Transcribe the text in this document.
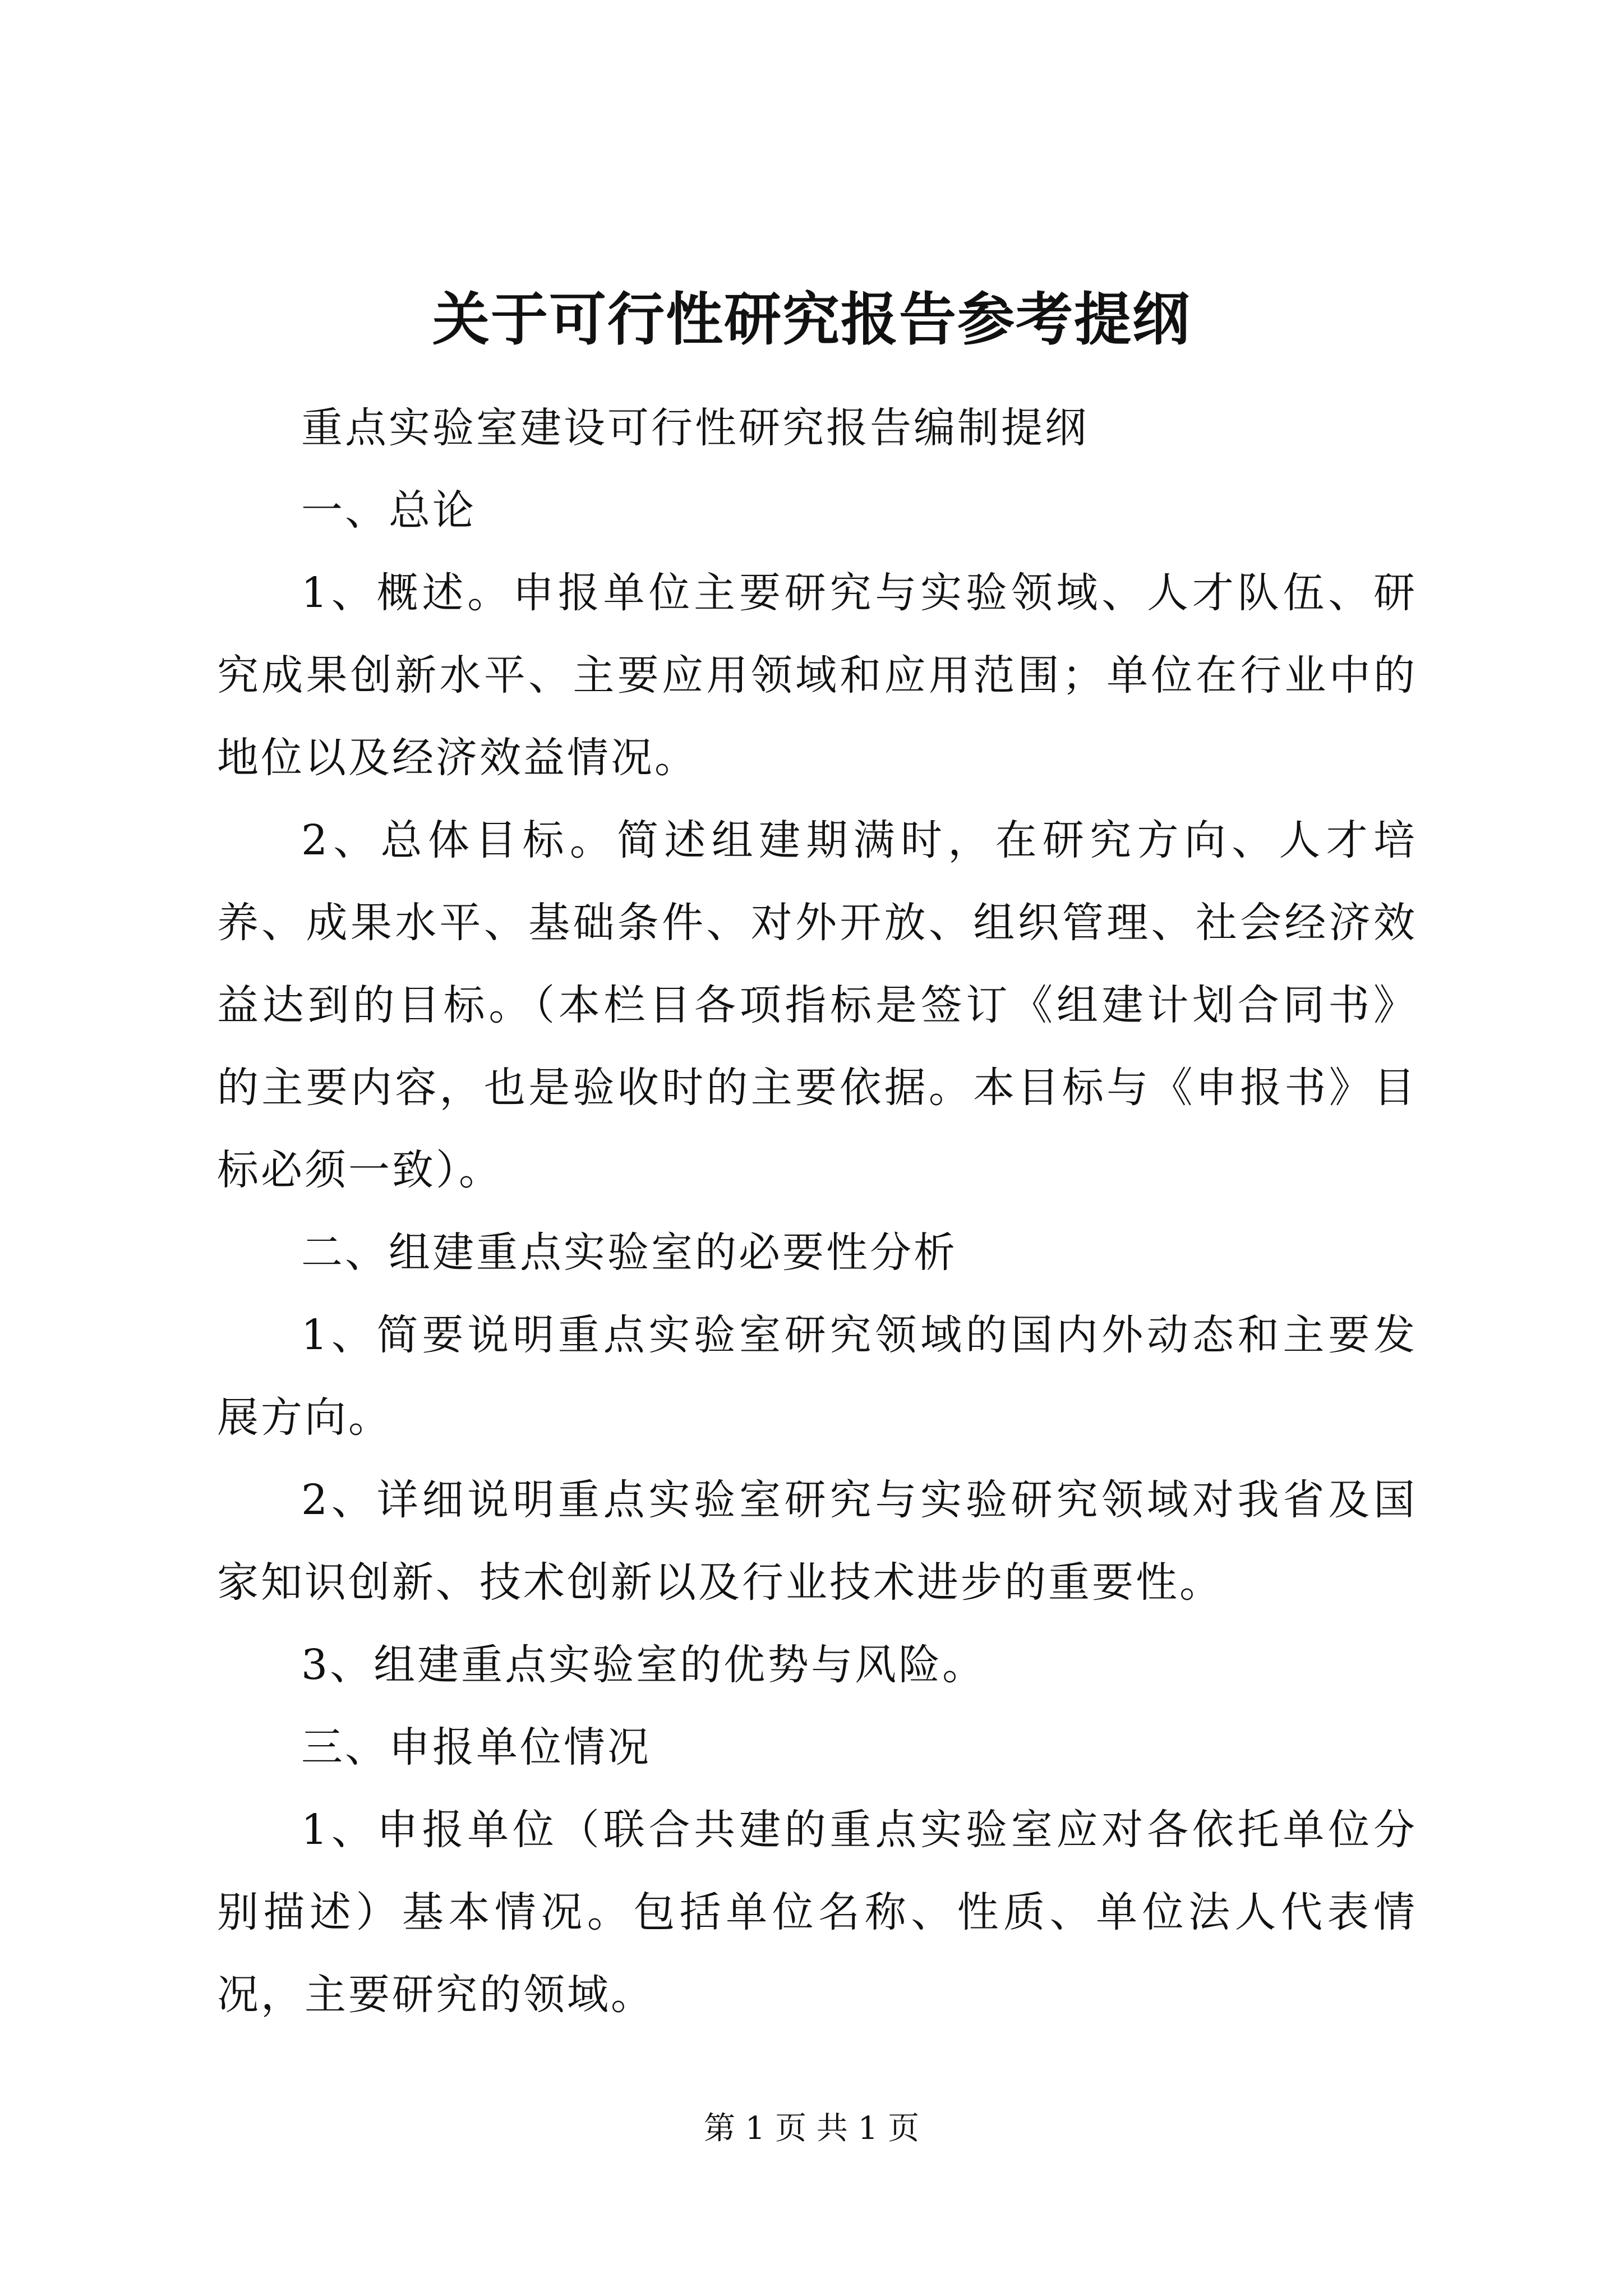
关于可行性研究报告参考提纲

重点实验室建设可行性研究报告编制提纲

一、总论

1、概述。申报单位主要研究与实验领域、人才队伍、研究成果创新水平、主要应用领域和应用范围；单位在行业中的地位以及经济效益情况。

2、总体目标。简述组建期满时，在研究方向、人才培养、成果水平、基础条件、对外开放、组织管理、社会经济效益达到的目标。（本栏目各项指标是签订《组建计划合同书》的主要内容，也是验收时的主要依据。本目标与《申报书》目标必须一致）。

二、组建重点实验室的必要性分析

1、简要说明重点实验室研究领域的国内外动态和主要发展方向。

2、详细说明重点实验室研究与实验研究领域对我省及国家知识创新、技术创新以及行业技术进步的重要性。

3、组建重点实验室的优势与风险。

三、申报单位情况

1、申报单位（联合共建的重点实验室应对各依托单位分别描述）基本情况。包括单位名称、性质、单位法人代表情况，主要研究的领域。

第 1 页 共 1 页
